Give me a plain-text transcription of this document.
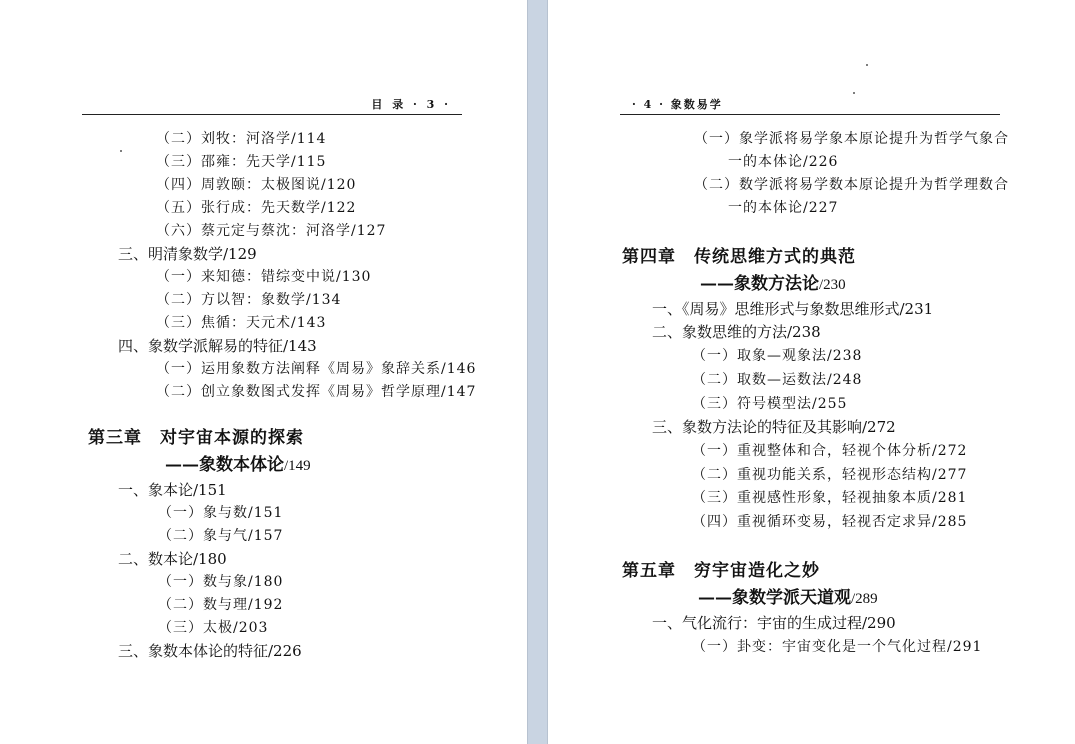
目 录 · 3 ·
（二）刘牧：河洛学/114
（三）邵雍：先天学/115
（四）周敦颐：太极图说/120
（五）张行成：先天数学/122
（六）蔡元定与蔡沈：河洛学/127
三、明清象数学/129
（一）来知德：错综变中说/130
（二）方以智：象数学/134
（三）焦循：天元术/143
四、象数学派解易的特征/143
（一）运用象数方法阐释《周易》象辞关系/146
（二）创立象数图式发挥《周易》哲学原理/147
第三章 对宇宙本源的探索
——象数本体论/149
一、象本论/151
（一）象与数/151
（二）象与气/157
二、数本论/180
（一）数与象/180
（二）数与理/192
（三）太极/203
三、象数本体论的特征/226
· 4 · 象数易学
（一）象学派将易学象本原论提升为哲学气象合
一的本体论/226
（二）数学派将易学数本原论提升为哲学理数合
一的本体论/227
第四章 传统思维方式的典范
——象数方法论/230
一、《周易》思维形式与象数思维形式/231
二、象数思维的方法/238
（一）取象—观象法/238
（二）取数—运数法/248
（三）符号模型法/255
三、象数方法论的特征及其影响/272
（一）重视整体和合，轻视个体分析/272
（二）重视功能关系，轻视形态结构/277
（三）重视感性形象，轻视抽象本质/281
（四）重视循环变易，轻视否定求异/285
第五章 穷宇宙造化之妙
——象数学派天道观/289
一、气化流行：宇宙的生成过程/290
（一）卦变：宇宙变化是一个气化过程/291
